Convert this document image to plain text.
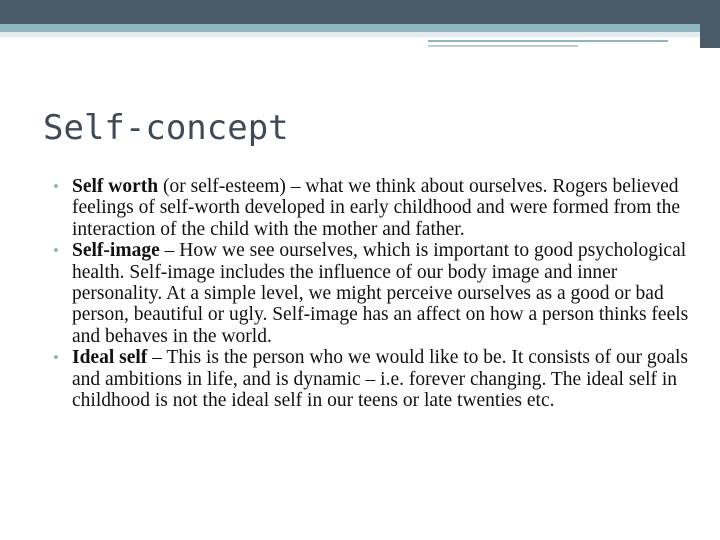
Self-concept
• Self worth (or self-esteem) – what we think about ourselves. Rogers believed feelings of self-worth developed in early childhood and were formed from the interaction of the child with the mother and father.
• Self-image – How we see ourselves, which is important to good psychological health. Self-image includes the influence of our body image and inner personality. At a simple level, we might perceive ourselves as a good or bad person, beautiful or ugly. Self-image has an affect on how a person thinks feels and behaves in the world.
• Ideal self – This is the person who we would like to be. It consists of our goals and ambitions in life, and is dynamic – i.e. forever changing. The ideal self in childhood is not the ideal self in our teens or late twenties etc.
